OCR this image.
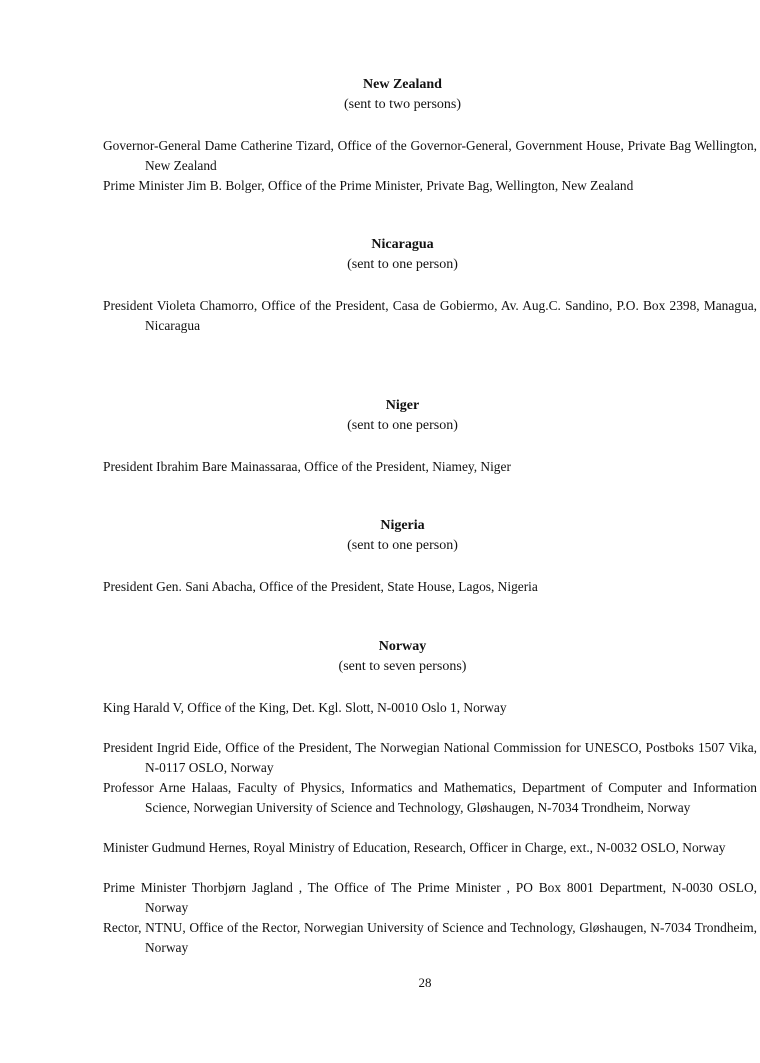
New Zealand
(sent to two persons)
Governor-General Dame Catherine Tizard, Office of the Governor-General, Government House, Private Bag Wellington, New Zealand
Prime Minister Jim B. Bolger, Office of the Prime Minister, Private Bag, Wellington, New Zealand
Nicaragua
(sent to one person)
President Violeta Chamorro, Office of the President, Casa de Gobiermo, Av. Aug.C. Sandino, P.O. Box 2398, Managua, Nicaragua
Niger
(sent to one person)
President Ibrahim Bare Mainassaraa, Office of the President, Niamey, Niger
Nigeria
(sent to one person)
President Gen. Sani Abacha, Office of the President, State House, Lagos, Nigeria
Norway
(sent to seven persons)
King Harald V, Office of the King, Det. Kgl. Slott, N-0010 Oslo 1, Norway
President Ingrid Eide, Office of the President, The Norwegian National Commission for UNESCO, Postboks 1507 Vika, N-0117 OSLO, Norway
Professor Arne Halaas, Faculty of Physics, Informatics and Mathematics, Department of Computer and Information Science, Norwegian University of Science and Technology, Gløshaugen, N-7034 Trondheim, Norway
Minister Gudmund Hernes, Royal Ministry of Education, Research, Officer in Charge, ext., N-0032 OSLO, Norway
Prime Minister Thorbjørn Jagland , The Office of The Prime Minister , PO Box 8001 Department, N-0030 OSLO, Norway
Rector, NTNU, Office of the Rector, Norwegian University of Science and Technology, Gløshaugen, N-7034 Trondheim, Norway
28
